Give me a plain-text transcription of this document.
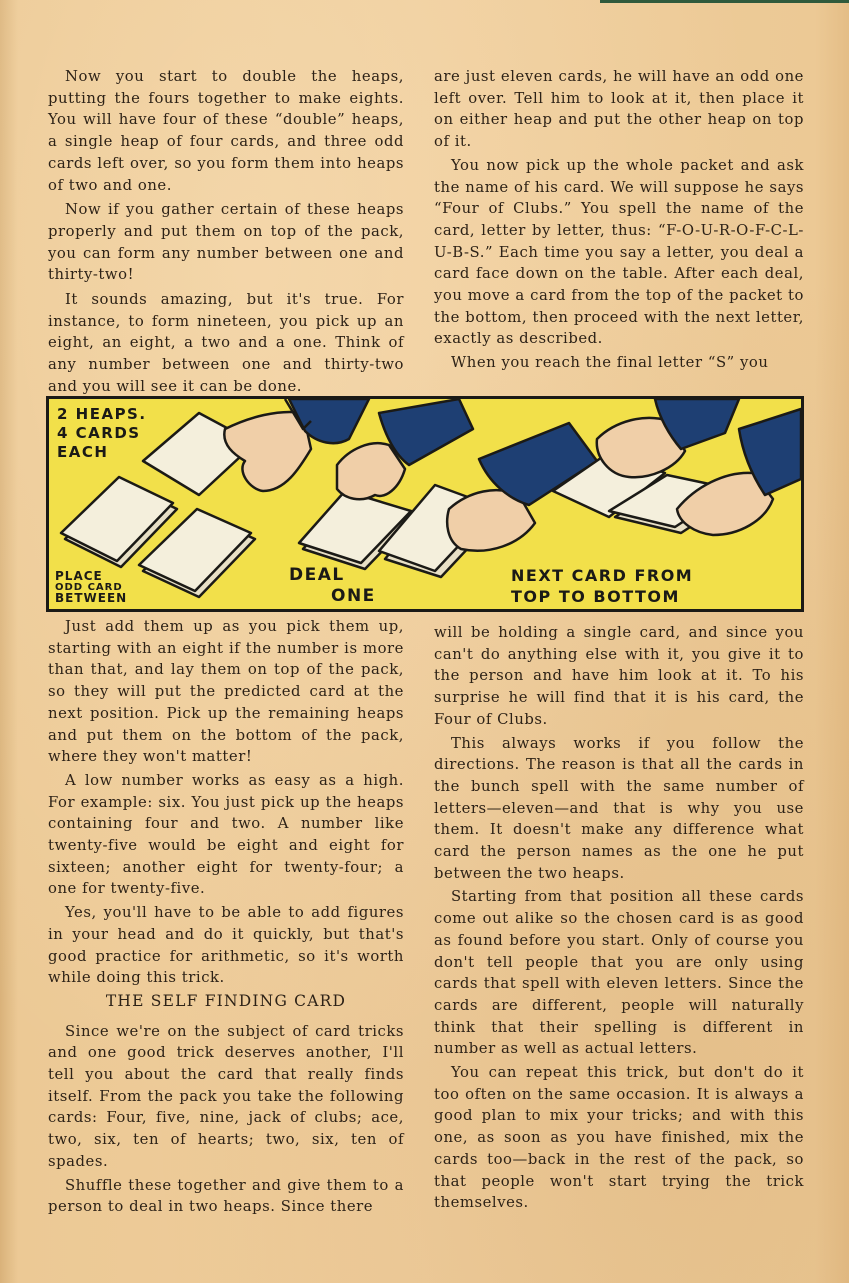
Now you start to double the heaps, putting the fours together to make eights. You will have four of these “double” heaps, a single heap of four cards, and three odd cards left over, so you form them into heaps of two and one.

Now if you gather certain of these heaps properly and put them on top of the pack, you can form any number between one and thirty-two!

It sounds amazing, but it's true. For instance, to form nineteen, you pick up an eight, an eight, a two and a one. Think of any number between one and thirty-two and you will see it can be done.

are just eleven cards, he will have an odd one left over. Tell him to look at it, then place it on either heap and put the other heap on top of it.

You now pick up the whole packet and ask the name of his card. We will suppose he says “Four of Clubs.” You spell the name of the card, letter by letter, thus: “F-O-U-R-O-F-C-L-U-B-S.” Each time you say a letter, you deal a card face down on the table. After each deal, you move a card from the top of the packet to the bottom, then proceed with the next letter, exactly as described.

When you reach the final letter “S” you

2 HEAPS.
4 CARDS
EACH
PLACE
ODD CARD
BETWEEN
DEAL
ONE
NEXT CARD FROM
TOP TO BOTTOM

Just add them up as you pick them up, starting with an eight if the number is more than that, and lay them on top of the pack, so they will put the predicted card at the next position. Pick up the remaining heaps and put them on the bottom of the pack, where they won't matter!

A low number works as easy as a high. For example: six. You just pick up the heaps containing four and two. A number like twenty-five would be eight and eight for sixteen; another eight for twenty-four; a one for twenty-five.

Yes, you'll have to be able to add figures in your head and do it quickly, but that's good practice for arithmetic, so it's worth while doing this trick.

THE SELF FINDING CARD

Since we're on the subject of card tricks and one good trick deserves another, I'll tell you about the card that really finds itself. From the pack you take the following cards: Four, five, nine, jack of clubs; ace, two, six, ten of hearts; two, six, ten of spades.

Shuffle these together and give them to a person to deal in two heaps. Since there

will be holding a single card, and since you can't do anything else with it, you give it to the person and have him look at it. To his surprise he will find that it is his card, the Four of Clubs.

This always works if you follow the directions. The reason is that all the cards in the bunch spell with the same number of letters—eleven—and that is why you use them. It doesn't make any difference what card the person names as the one he put between the two heaps.

Starting from that position all these cards come out alike so the chosen card is as good as found before you start. Only of course you don't tell people that you are only using cards that spell with eleven letters. Since the cards are different, people will naturally think that their spelling is different in number as well as actual letters.

You can repeat this trick, but don't do it too often on the same occasion. It is always a good plan to mix your tricks; and with this one, as soon as you have finished, mix the cards too—back in the rest of the pack, so that people won't start trying the trick themselves.
